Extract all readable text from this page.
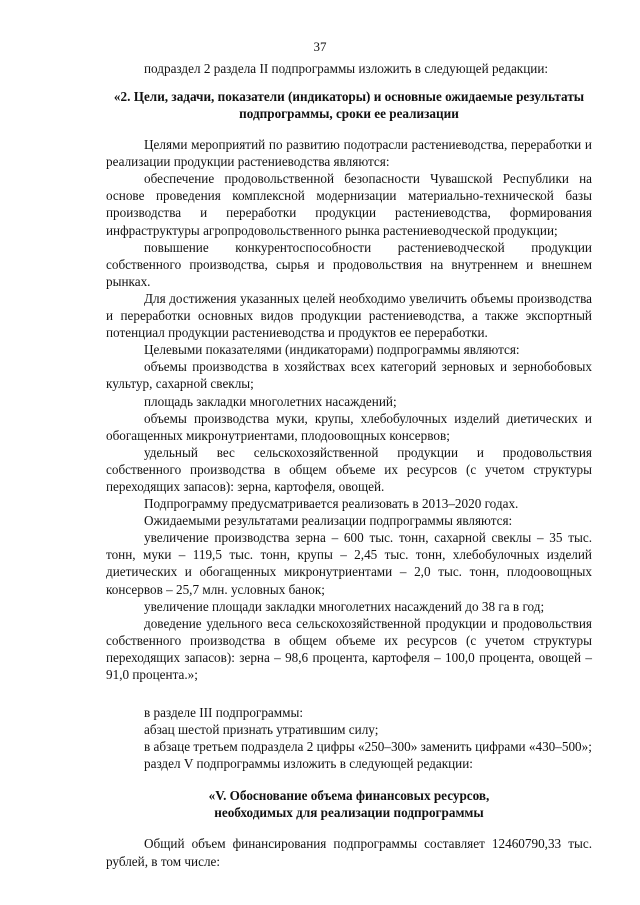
37

подраздел 2 раздела II подпрограммы изложить в следующей редакции:

«2. Цели, задачи, показатели (индикаторы) и основные ожидаемые результаты подпрограммы, сроки ее реализации

Целями мероприятий по развитию подотрасли растениеводства, переработки и реализации продукции растениеводства являются:

обеспечение продовольственной безопасности Чувашской Республики на основе проведения комплексной модернизации материально-технической базы производства и переработки продукции растениеводства, формирования инфраструктуры агропродовольственного рынка растениеводческой продукции;

повышение конкурентоспособности растениеводческой продукции собственного производства, сырья и продовольствия на внутреннем и внешнем рынках.

Для достижения указанных целей необходимо увеличить объемы производства и переработки основных видов продукции растениеводства, а также экспортный потенциал продукции растениеводства и продуктов ее переработки.

Целевыми показателями (индикаторами) подпрограммы являются:

объемы производства в хозяйствах всех категорий зерновых и зернобобовых культур, сахарной свеклы;

площадь закладки многолетних насаждений;

объемы производства муки, крупы, хлебобулочных изделий диетических и обогащенных микронутриентами, плодоовощных консервов;

удельный вес сельскохозяйственной продукции и продовольствия собственного производства в общем объеме их ресурсов (с учетом структуры переходящих запасов): зерна, картофеля, овощей.

Подпрограмму предусматривается реализовать в 2013–2020 годах.

Ожидаемыми результатами реализации подпрограммы являются:

увеличение производства зерна – 600 тыс. тонн, сахарной свеклы – 35 тыс. тонн, муки – 119,5 тыс. тонн, крупы – 2,45 тыс. тонн, хлебобулочных изделий диетических и обогащенных микронутриентами – 2,0 тыс. тонн, плодоовощных консервов – 25,7 млн. условных банок;

увеличение площади закладки многолетних насаждений до 38 га в год;

доведение удельного веса сельскохозяйственной продукции и продовольствия собственного производства в общем объеме их ресурсов (с учетом структуры переходящих запасов): зерна – 98,6 процента, картофеля – 100,0 процента, овощей – 91,0 процента.»;

в разделе III подпрограммы:

абзац шестой признать утратившим силу;

в абзаце третьем подраздела 2 цифры «250–300» заменить цифрами «430–500»;

раздел V подпрограммы изложить в следующей редакции:

«V. Обоснование объема финансовых ресурсов,
необходимых для реализации подпрограммы

Общий объем финансирования подпрограммы составляет 12460790,33 тыс. рублей, в том числе:
